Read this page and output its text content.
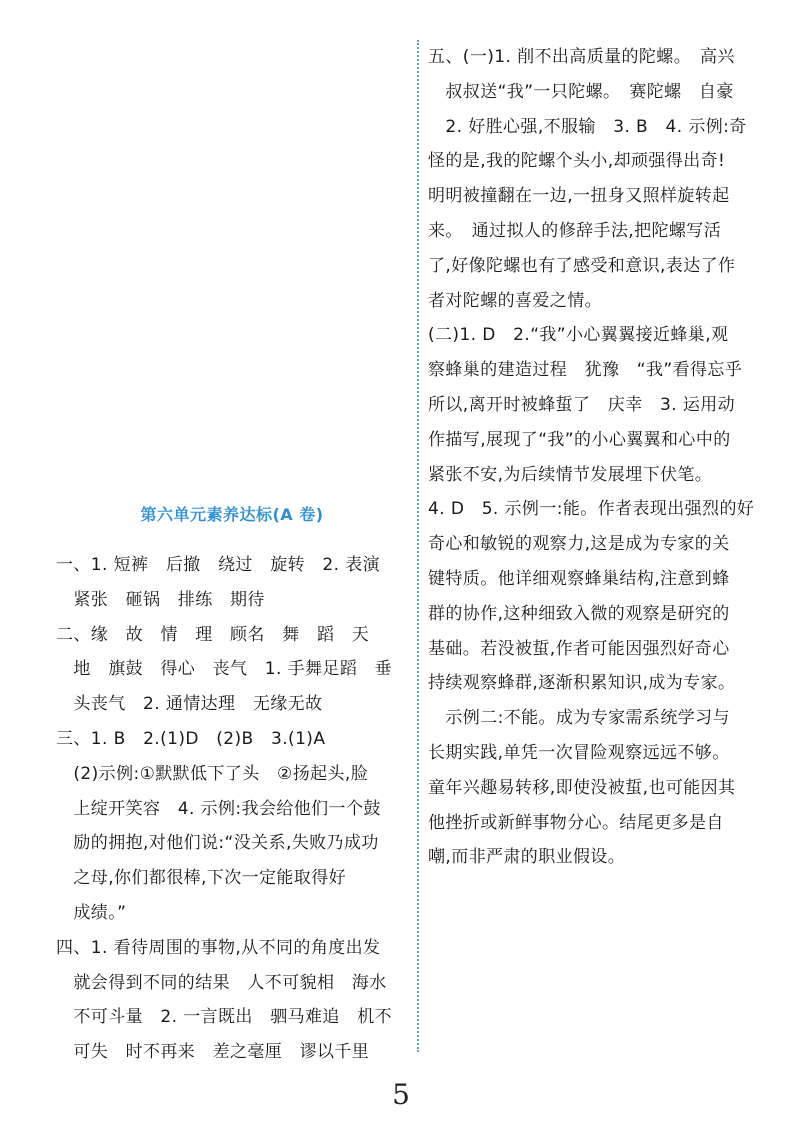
第六单元素养达标(A 卷)

一、1. 短裤　后撤　绕过　旋转　2. 表演

　紧张　砸锅　排练　期待

二、缘　故　情　理　顾名　舞　蹈　天

　地　旗鼓　得心　丧气　1. 手舞足蹈　垂

　头丧气　2. 通情达理　无缘无故

三、1. B　2.(1)D　(2)B　3.(1)A

　(2)示例:①默默低下了头　②扬起头,脸

　上绽开笑容　4. 示例:我会给他们一个鼓

　励的拥抱,对他们说:“没关系,失败乃成功

　之母,你们都很棒,下次一定能取得好

　成绩。”

四、1. 看待周围的事物,从不同的角度出发

　就会得到不同的结果　人不可貌相　海水

　不可斗量　2. 一言既出　驷马难追　机不

　可失　时不再来　差之毫厘　谬以千里

五、(一)1. 削不出高质量的陀螺。　高兴

　叔叔送“我”一只陀螺。　赛陀螺　自豪

　2. 好胜心强,不服输　3. B　4. 示例:奇

怪的是,我的陀螺个头小,却顽强得出奇!

明明被撞翻在一边,一扭身又照样旋转起

来。　通过拟人的修辞手法,把陀螺写活

了,好像陀螺也有了感受和意识,表达了作

者对陀螺的喜爱之情。

(二)1. D　2.“我”小心翼翼接近蜂巢,观

察蜂巢的建造过程　犹豫　“我”看得忘乎

所以,离开时被蜂蜇了　庆幸　3. 运用动

作描写,展现了“我”的小心翼翼和心中的

紧张不安,为后续情节发展埋下伏笔。

4. D　5. 示例一:能。作者表现出强烈的好

奇心和敏锐的观察力,这是成为专家的关

键特质。他详细观察蜂巢结构,注意到蜂

群的协作,这种细致入微的观察是研究的

基础。若没被蜇,作者可能因强烈好奇心

持续观察蜂群,逐渐积累知识,成为专家。

　示例二:不能。成为专家需系统学习与

长期实践,单凭一次冒险观察远远不够。

童年兴趣易转移,即使没被蜇,也可能因其

他挫折或新鲜事物分心。结尾更多是自

嘲,而非严肃的职业假设。

5
